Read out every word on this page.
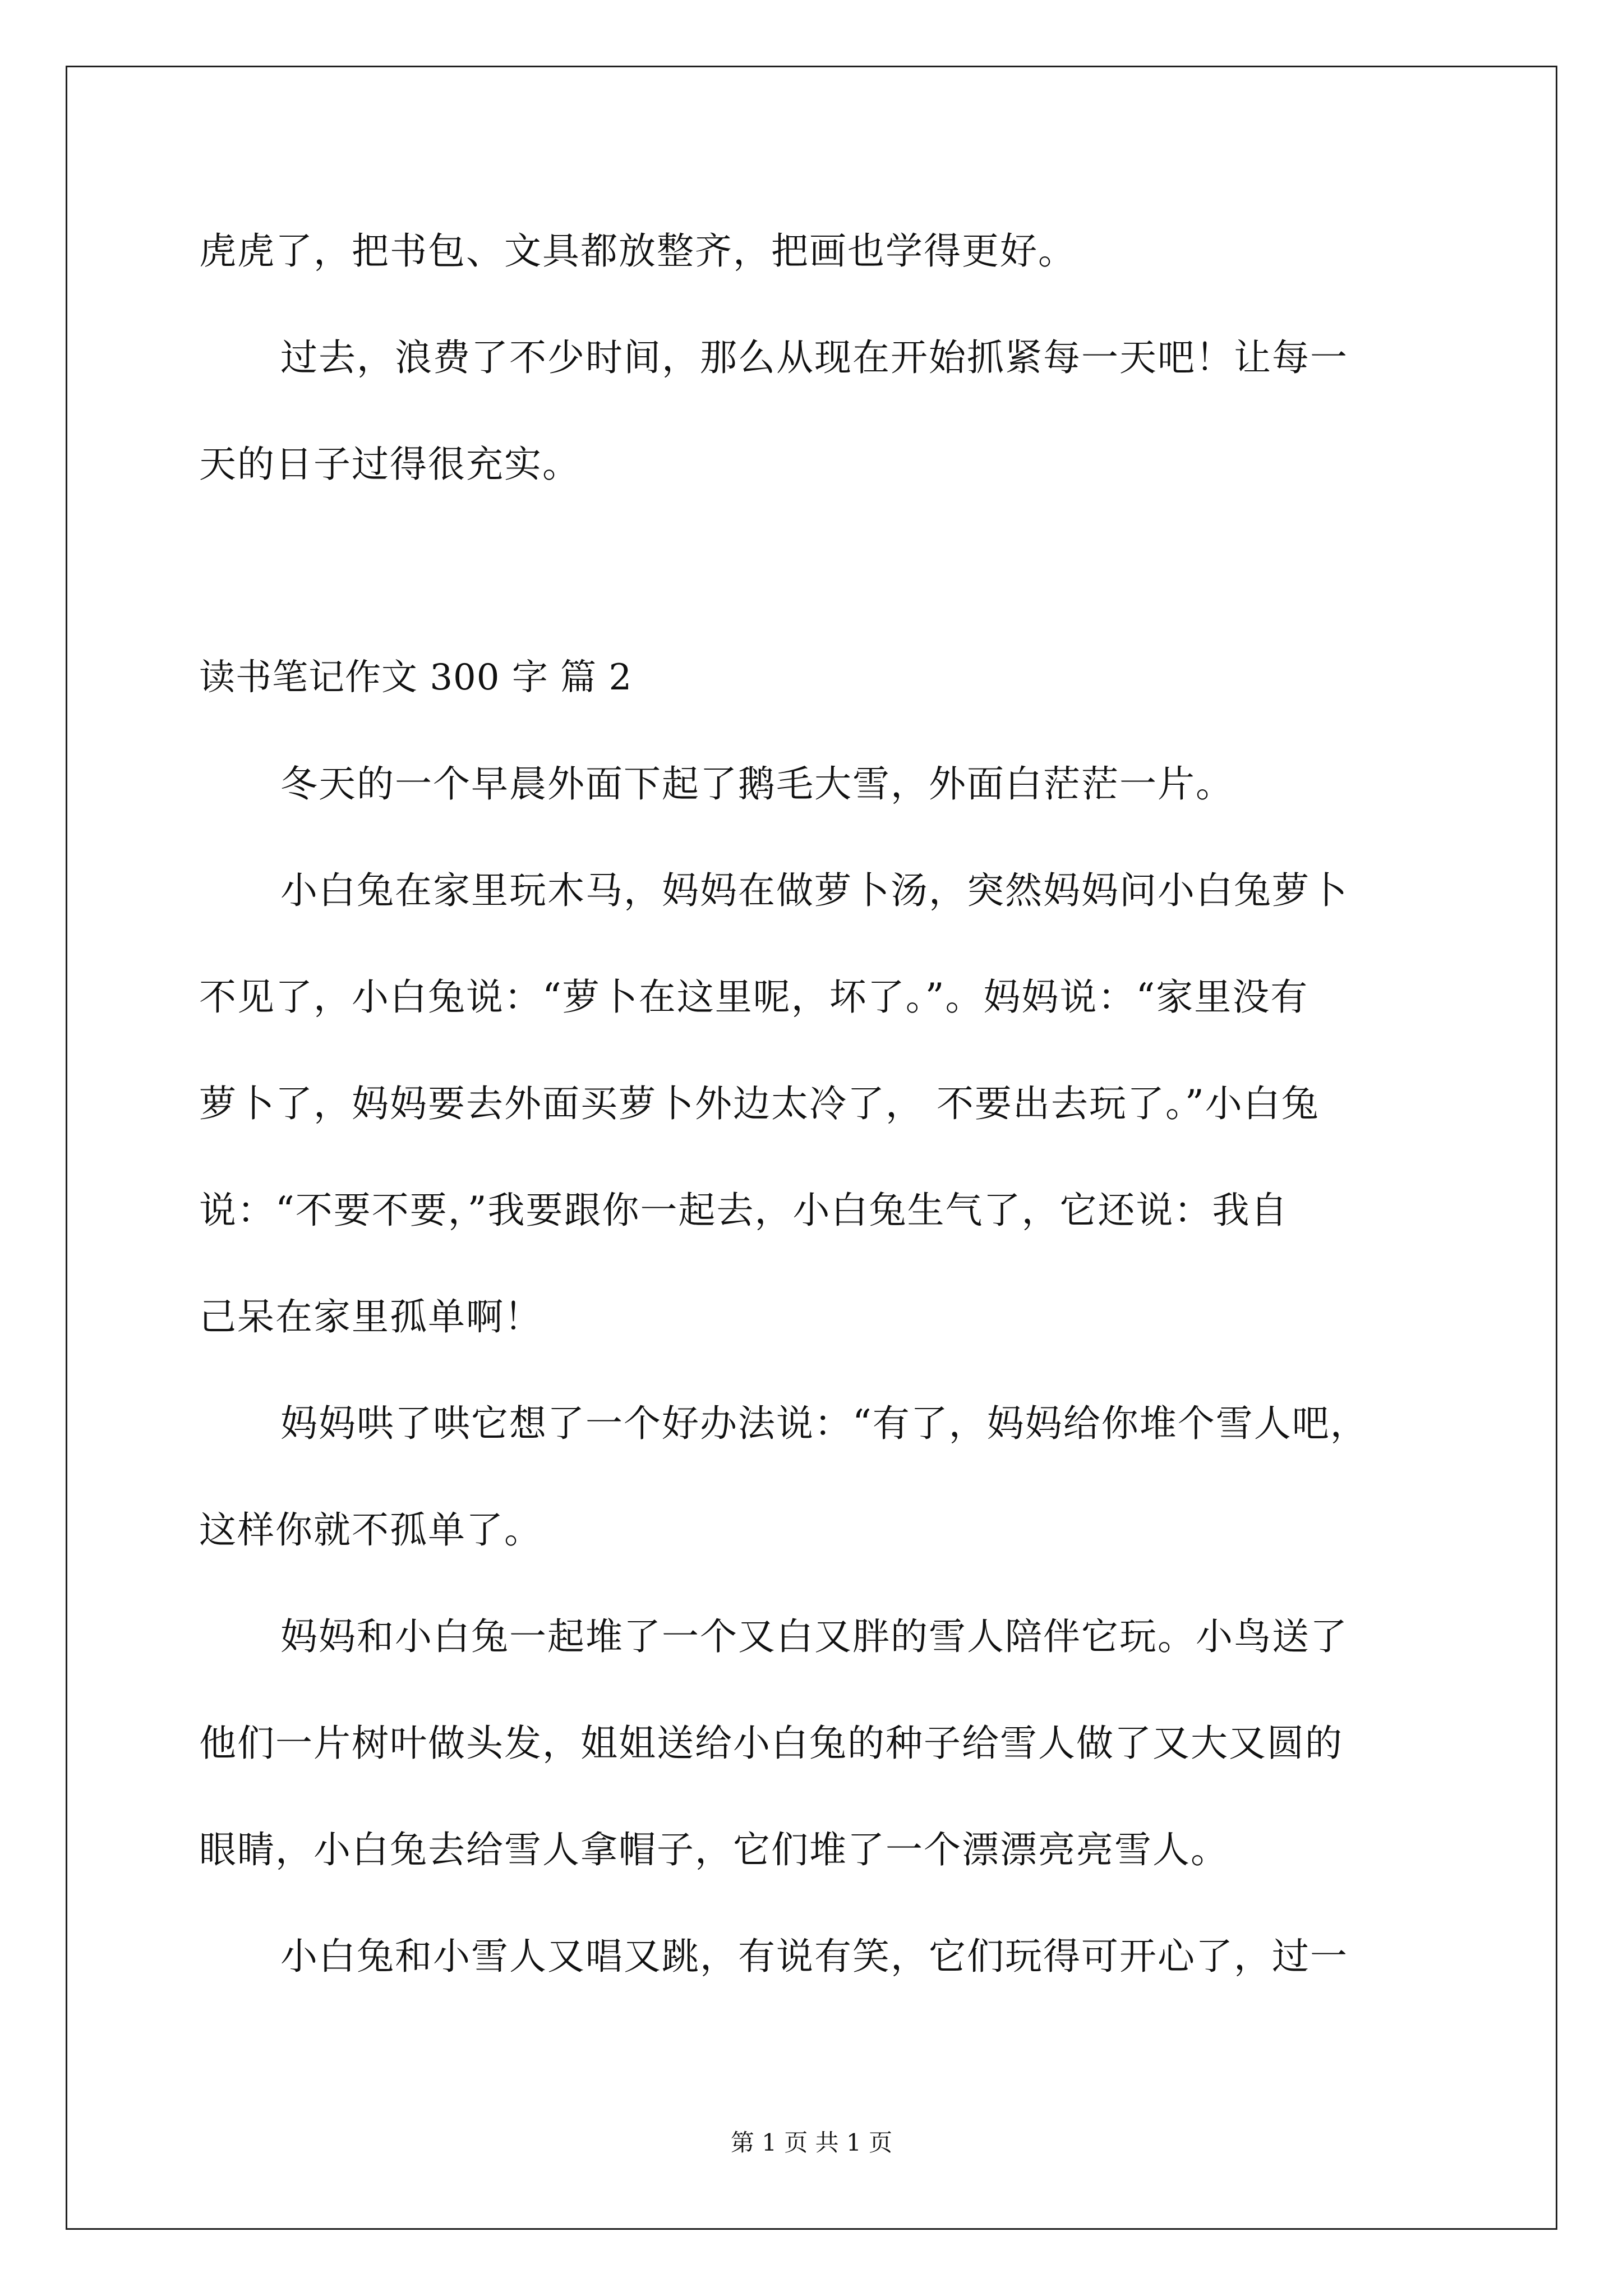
虎虎了，把书包、文具都放整齐，把画也学得更好。
过去，浪费了不少时间，那么从现在开始抓紧每一天吧！让每一
天的日子过得很充实。
读书笔记作文 300 字 篇 2
冬天的一个早晨外面下起了鹅毛大雪，外面白茫茫一片。
小白兔在家里玩木马，妈妈在做萝卜汤，突然妈妈问小白兔萝卜
不见了，小白兔说：“萝卜在这里呢，坏了。”。妈妈说：“家里没有
萝卜了，妈妈要去外面买萝卜外边太冷了， 不要出去玩了。”小白兔
说：“不要不要，”我要跟你一起去，小白兔生气了，它还说：我自
己呆在家里孤单啊！
妈妈哄了哄它想了一个好办法说：“有了，妈妈给你堆个雪人吧，
这样你就不孤单了。
妈妈和小白兔一起堆了一个又白又胖的雪人陪伴它玩。小鸟送了
他们一片树叶做头发，姐姐送给小白兔的种子给雪人做了又大又圆的
眼睛，小白兔去给雪人拿帽子，它们堆了一个漂漂亮亮雪人。
小白兔和小雪人又唱又跳，有说有笑，它们玩得可开心了，过一
第 1 页 共 1 页
